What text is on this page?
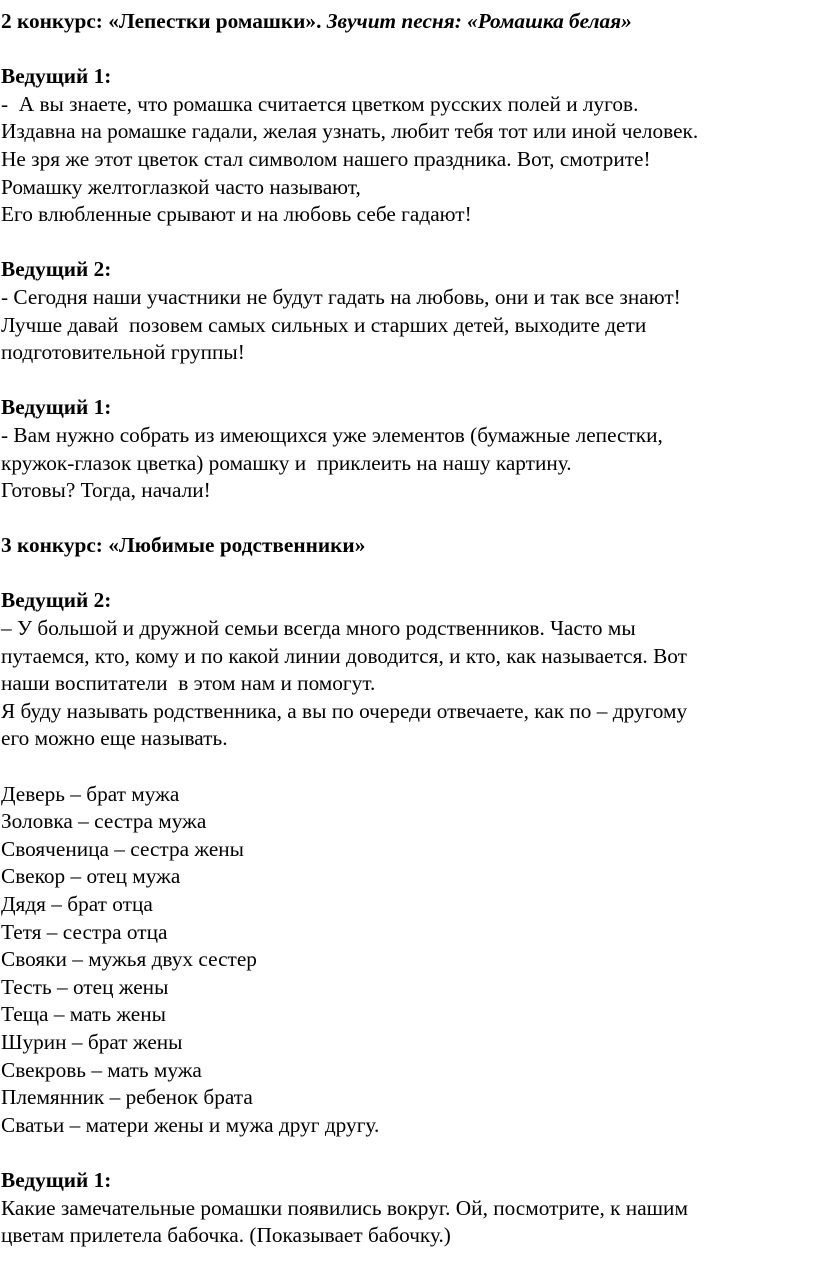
2 конкурс: «Лепестки ромашки». Звучит песня: «Ромашка белая»
Ведущий 1:
-  А вы знаете, что ромашка считается цветком русских полей и лугов.
Издавна на ромашке гадали, желая узнать, любит тебя тот или иной человек.
Не зря же этот цветок стал символом нашего праздника. Вот, смотрите!
Ромашку желтоглазкой часто называют,
Его влюбленные срывают и на любовь себе гадают!
Ведущий 2:
- Сегодня наши участники не будут гадать на любовь, они и так все знают!
Лучше давай  позовем самых сильных и старших детей, выходите дети
подготовительной группы!
Ведущий 1:
- Вам нужно собрать из имеющихся уже элементов (бумажные лепестки,
кружок-глазок цветка) ромашку и  приклеить на нашу картину.
Готовы? Тогда, начали!
3 конкурс: «Любимые родственники»
Ведущий 2:
– У большой и дружной семьи всегда много родственников. Часто мы
путаемся, кто, кому и по какой линии доводится, и кто, как называется. Вот
наши воспитатели  в этом нам и помогут.
Я буду называть родственника, а вы по очереди отвечаете, как по – другому
его можно еще называть.
Деверь – брат мужа
Золовка – сестра мужа
Свояченица – сестра жены
Свекор – отец мужа
Дядя – брат отца
Тетя – сестра отца
Свояки – мужья двух сестер
Тесть – отец жены
Теща – мать жены
Шурин – брат жены
Свекровь – мать мужа
Племянник – ребенок брата
Сватьи – матери жены и мужа друг другу.
Ведущий 1:
Какие замечательные ромашки появились вокруг. Ой, посмотрите, к нашим
цветам прилетела бабочка. (Показывает бабочку.)
